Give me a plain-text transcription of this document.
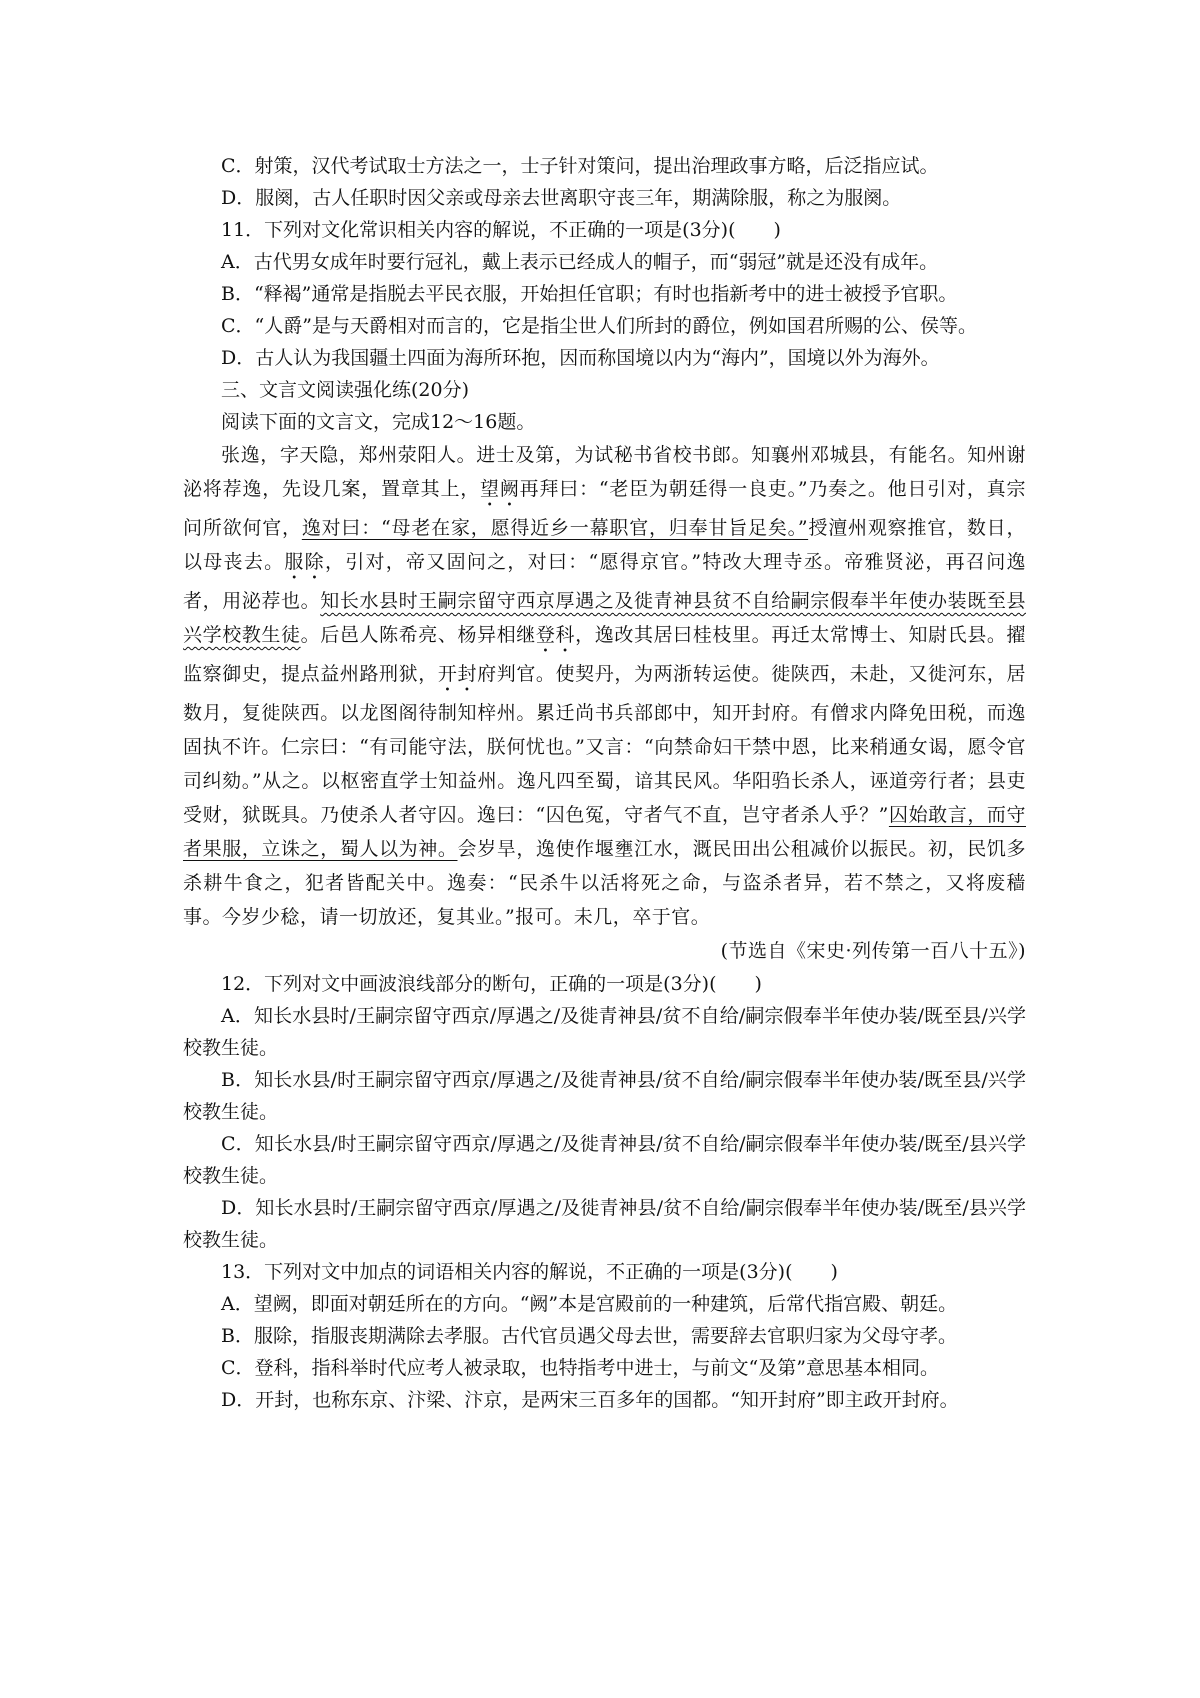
C．射策，汉代考试取士方法之一，士子针对策问，提出治理政事方略，后泛指应试。

D．服阕，古人任职时因父亲或母亲去世离职守丧三年，期满除服，称之为服阕。

11．下列对文化常识相关内容的解说，不正确的一项是(3分)(　　)

A．古代男女成年时要行冠礼，戴上表示已经成人的帽子，而“弱冠”就是还没有成年。

B．“释褐”通常是指脱去平民衣服，开始担任官职；有时也指新考中的进士被授予官职。

C．“人爵”是与天爵相对而言的，它是指尘世人们所封的爵位，例如国君所赐的公、侯等。

D．古人认为我国疆土四面为海所环抱，因而称国境以内为“海内”，国境以外为海外。

三、文言文阅读强化练(20分)

阅读下面的文言文，完成12～16题。

张逸，字天隐，郑州荥阳人。进士及第，为试秘书省校书郎。知襄州邓城县，有能名。知州谢泌将荐逸，先设几案，置章其上，望阙再拜曰：“老臣为朝廷得一良吏。”乃奏之。他日引对，真宗问所欲何官，逸对曰：“母老在家，愿得近乡一幕职官，归奉甘旨足矣。”授澶州观察推官，数日，以母丧去。服除，引对，帝又固问之，对曰：“愿得京官。”特改大理寺丞。帝雅贤泌，再召问逸者，用泌荐也。知长水县时王嗣宗留守西京厚遇之及徙青神县贫不自给嗣宗假奉半年使办装既至县兴学校教生徒。后邑人陈希亮、杨异相继登科，逸改其居曰桂枝里。再迁太常博士、知尉氏县。擢监察御史，提点益州路刑狱，开封府判官。使契丹，为两浙转运使。徙陕西，未赴，又徙河东，居数月，复徙陕西。以龙图阁待制知梓州。累迁尚书兵部郎中，知开封府。有僧求内降免田税，而逸固执不许。仁宗曰：“有司能守法，朕何忧也。”又言：“向禁命妇干禁中恩，比来稍通女谒，愿令官司纠劾。”从之。以枢密直学士知益州。逸凡四至蜀，谙其民风。华阳驺长杀人，诬道旁行者；县吏受财，狱既具。乃使杀人者守囚。逸曰：“囚色冤，守者气不直，岂守者杀人乎？”囚始敢言，而守者果服，立诛之，蜀人以为神。会岁旱，逸使作堰壅江水，溉民田出公租减价以振民。初，民饥多杀耕牛食之，犯者皆配关中。逸奏：“民杀牛以活将死之命，与盗杀者异，若不禁之，又将废穑事。今岁少稔，请一切放还，复其业。”报可。未几，卒于官。

(节选自《宋史·列传第一百八十五》)

12．下列对文中画波浪线部分的断句，正确的一项是(3分)(　　)

A．知长水县时/王嗣宗留守西京/厚遇之/及徙青神县/贫不自给/嗣宗假奉半年使办装/既至县/兴学校教生徒。

B．知长水县/时王嗣宗留守西京/厚遇之/及徙青神县/贫不自给/嗣宗假奉半年使办装/既至县/兴学校教生徒。

C．知长水县/时王嗣宗留守西京/厚遇之/及徙青神县/贫不自给/嗣宗假奉半年使办装/既至/县兴学校教生徒。

D．知长水县时/王嗣宗留守西京/厚遇之/及徙青神县/贫不自给/嗣宗假奉半年使办装/既至/县兴学校教生徒。

13．下列对文中加点的词语相关内容的解说，不正确的一项是(3分)(　　)

A．望阙，即面对朝廷所在的方向。“阙”本是宫殿前的一种建筑，后常代指宫殿、朝廷。

B．服除，指服丧期满除去孝服。古代官员遇父母去世，需要辞去官职归家为父母守孝。

C．登科，指科举时代应考人被录取，也特指考中进士，与前文“及第”意思基本相同。

D．开封，也称东京、汴梁、汴京，是两宋三百多年的国都。“知开封府”即主政开封府。
